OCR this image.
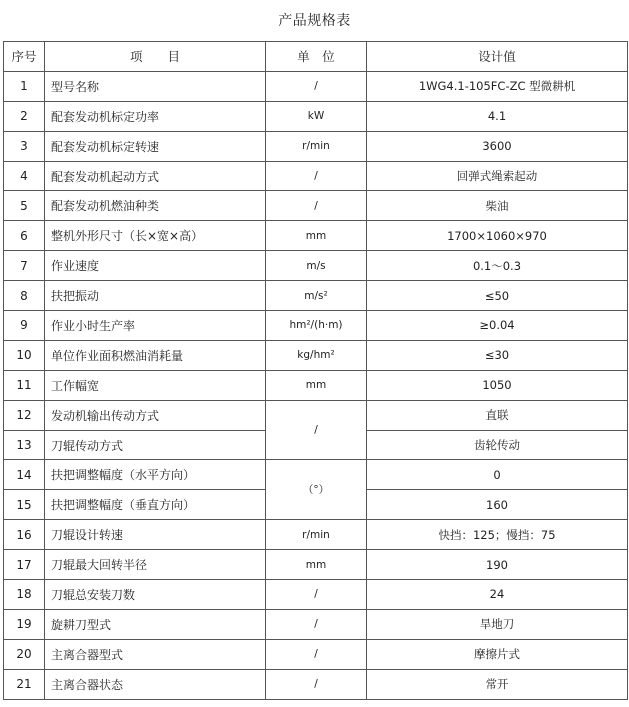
产品规格表
序号	项　　目	单　位	设计值
1	型号名称	/	1WG4.1-105FC-ZC 型微耕机
2	配套发动机标定功率	kW	4.1
3	配套发动机标定转速	r/min	3600
4	配套发动机起动方式	/	回弹式绳索起动
5	配套发动机燃油种类	/	柴油
6	整机外形尺寸（长×宽×高）	mm	1700×1060×970
7	作业速度	m/s	0.1～0.3
8	扶把振动	m/s²	≤50
9	作业小时生产率	hm²/(h·m)	≥0.04
10	单位作业面积燃油消耗量	kg/hm²	≤30
11	工作幅宽	mm	1050
12	发动机输出传动方式	/	直联
13	刀辊传动方式		齿轮传动
14	扶把调整幅度（水平方向）	（°）	0
15	扶把调整幅度（垂直方向）		160
16	刀辊设计转速	r/min	快挡：125；慢挡：75
17	刀辊最大回转半径	mm	190
18	刀辊总安装刀数	/	24
19	旋耕刀型式	/	旱地刀
20	主离合器型式	/	摩擦片式
21	主离合器状态	/	常开
